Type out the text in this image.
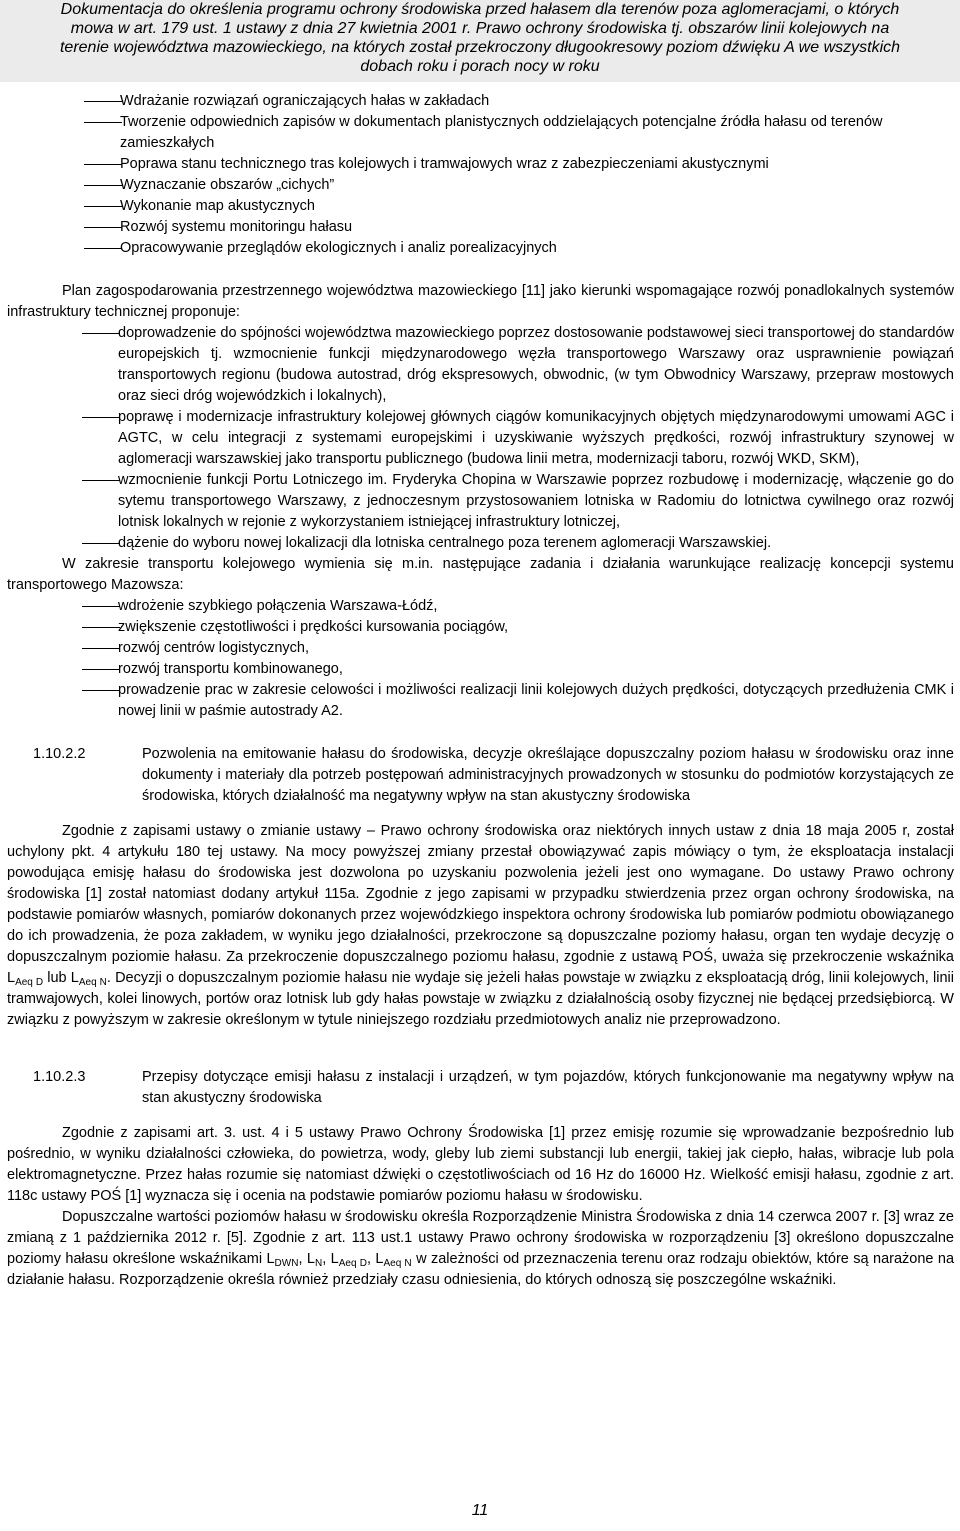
Dokumentacja do określenia programu ochrony środowiska przed hałasem dla terenów poza aglomeracjami, o których
mowa w art. 179 ust. 1 ustawy z dnia 27 kwietnia 2001 r. Prawo ochrony środowiska tj. obszarów linii kolejowych na
terenie województwa mazowieckiego, na których został przekroczony długookresowy poziom dźwięku A we wszystkich
dobach roku i porach nocy w roku
Wdrażanie rozwiązań ograniczających hałas w zakładach
Tworzenie odpowiednich zapisów w dokumentach planistycznych oddzielających potencjalne źródła hałasu od terenów zamieszkałych
Poprawa stanu technicznego tras kolejowych i tramwajowych wraz z zabezpieczeniami akustycznymi
Wyznaczanie obszarów „cichych”
Wykonanie map akustycznych
Rozwój systemu monitoringu hałasu
Opracowywanie przeglądów ekologicznych i analiz porealizacyjnych

Plan zagospodarowania przestrzennego województwa mazowieckiego [11] jako kierunki wspomagające rozwój ponadlokalnych systemów infrastruktury technicznej proponuje:

doprowadzenie do spójności województwa mazowieckiego poprzez dostosowanie podstawowej sieci transportowej do standardów europejskich tj. wzmocnienie funkcji międzynarodowego węzła transportowego Warszawy oraz usprawnienie powiązań transportowych regionu (budowa autostrad, dróg ekspresowych, obwodnic, (w tym Obwodnicy Warszawy, przepraw mostowych oraz sieci dróg wojewódzkich i lokalnych),
poprawę i modernizacje infrastruktury kolejowej głównych ciągów komunikacyjnych objętych międzynarodowymi umowami AGC i AGTC, w celu integracji z systemami europejskimi i uzyskiwanie wyższych prędkości, rozwój infrastruktury szynowej w aglomeracji warszawskiej jako transportu publicznego (budowa linii metra, modernizacji taboru, rozwój WKD, SKM),
wzmocnienie funkcji Portu Lotniczego im. Fryderyka Chopina w Warszawie poprzez rozbudowę i modernizację, włączenie go do sytemu transportowego Warszawy, z jednoczesnym przystosowaniem lotniska w Radomiu do lotnictwa cywilnego oraz rozwój lotnisk lokalnych w rejonie z wykorzystaniem istniejącej infrastruktury lotniczej,
dążenie do wyboru nowej lokalizacji dla lotniska centralnego poza terenem aglomeracji Warszawskiej.

W zakresie transportu kolejowego wymienia się m.in. następujące zadania i działania warunkujące realizację koncepcji systemu transportowego Mazowsza:

wdrożenie szybkiego połączenia Warszawa-Łódź,
zwiększenie częstotliwości i prędkości kursowania pociągów,
rozwój centrów logistycznych,
rozwój transportu kombinowanego,
prowadzenie prac w zakresie celowości i możliwości realizacji linii kolejowych dużych prędkości, dotyczących przedłużenia CMK i nowej linii w paśmie autostrady A2.
1.10.2.2	Pozwolenia na emitowanie hałasu do środowiska, decyzje określające dopuszczalny poziom hałasu w środowisku oraz inne dokumenty i materiały dla potrzeb postępowań administracyjnych prowadzonych w stosunku do podmiotów korzystających ze środowiska, których działalność ma negatywny wpływ na stan akustyczny środowiska

Zgodnie z zapisami ustawy o zmianie ustawy – Prawo ochrony środowiska oraz niektórych innych ustaw z dnia 18 maja 2005 r, został uchylony pkt. 4 artykułu 180 tej ustawy. Na mocy powyższej zmiany przestał obowiązywać zapis mówiący o tym, że eksploatacja instalacji powodująca emisję hałasu do środowiska jest dozwolona po uzyskaniu pozwolenia jeżeli jest ono wymagane. Do ustawy Prawo ochrony środowiska [1] został natomiast dodany artykuł 115a. Zgodnie z jego zapisami w przypadku stwierdzenia przez organ ochrony środowiska, na podstawie pomiarów własnych, pomiarów dokonanych przez wojewódzkiego inspektora ochrony środowiska lub pomiarów podmiotu obowiązanego do ich prowadzenia, że poza zakładem, w wyniku jego działalności, przekroczone są dopuszczalne poziomy hałasu, organ ten wydaje decyzję o dopuszczalnym poziomie hałasu. Za przekroczenie dopuszczalnego poziomu hałasu, zgodnie z ustawą POŚ, uważa się przekroczenie wskaźnika $L_{Aeq D}$ lub $L_{Aeq N}$. Decyzji o dopuszczalnym poziomie hałasu nie wydaje się jeżeli hałas powstaje w związku z eksploatacją dróg, linii kolejowych, linii tramwajowych, kolei linowych, portów oraz lotnisk lub gdy hałas powstaje w związku z działalnością osoby fizycznej nie będącej przedsiębiorcą. W związku z powyższym w zakresie określonym w tytule niniejszego rozdziału przedmiotowych analiz nie przeprowadzono.

1.10.2.3	Przepisy dotyczące emisji hałasu z instalacji i urządzeń, w tym pojazdów, których funkcjonowanie ma negatywny wpływ na stan akustyczny środowiska

Zgodnie z zapisami art. 3. ust. 4 i 5 ustawy Prawo Ochrony Środowiska [1] przez emisję rozumie się wprowadzanie bezpośrednio lub pośrednio, w wyniku działalności człowieka, do powietrza, wody, gleby lub ziemi substancji lub energii, takiej jak ciepło, hałas, wibracje lub pola elektromagnetyczne. Przez hałas rozumie się natomiast dźwięki o częstotliwościach od 16 Hz do 16000 Hz. Wielkość emisji hałasu, zgodnie z art. 118c ustawy POŚ [1] wyznacza się i ocenia na podstawie pomiarów poziomu hałasu w środowisku.

Dopuszczalne wartości poziomów hałasu w środowisku określa Rozporządzenie Ministra Środowiska z dnia 14 czerwca 2007 r. [3] wraz ze zmianą z 1 października 2012 r. [5]. Zgodnie z art. 113 ust.1 ustawy Prawo ochrony środowiska w rozporządzeniu [3] określono dopuszczalne poziomy hałasu określone wskaźnikami $L_{DWN}$, $L_N$, $L_{Aeq D}$, $L_{Aeq N}$ w zależności od przeznaczenia terenu oraz rodzaju obiektów, które są narażone na działanie hałasu. Rozporządzenie określa również przedziały czasu odniesienia, do których odnoszą się poszczególne wskaźniki.

11
